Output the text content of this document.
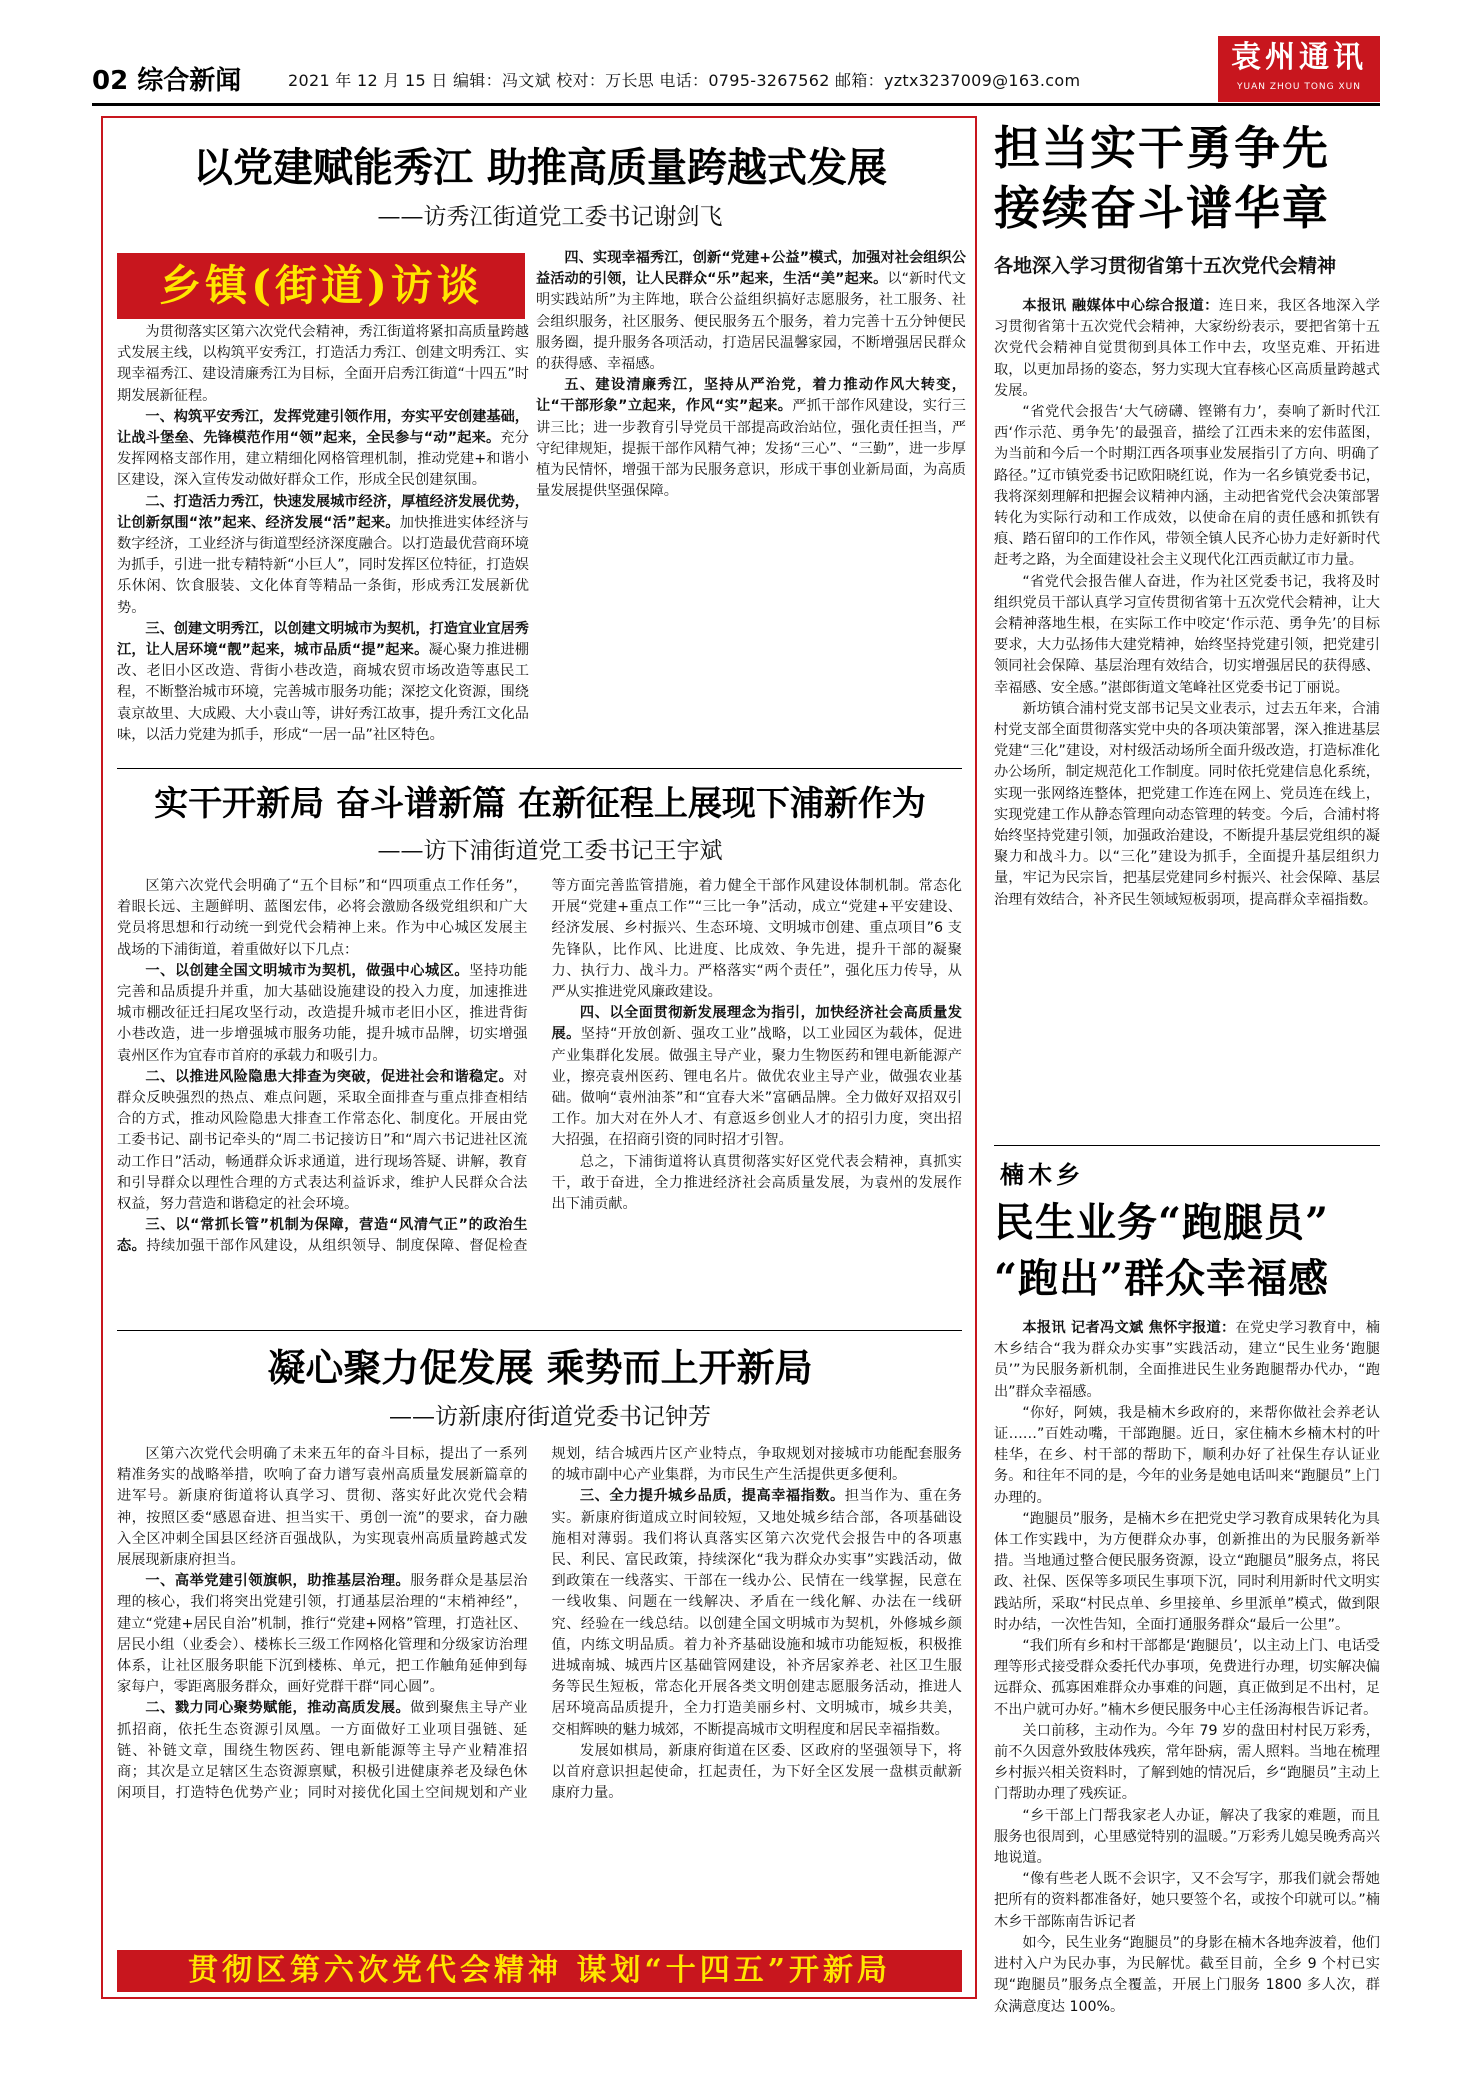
02 综合新闻	2021 年 12 月 15 日 编辑：冯文斌 校对：万长思 电话：0795-3267562 邮箱：yztx3237009@163.com
袁州通讯
YUAN ZHOU TONG XUN
以党建赋能秀江 助推高质量跨越式发展
——访秀江街道党工委书记谢剑飞
乡镇(街道)访谈

为贯彻落实区第六次党代会精神，秀江街道将紧扣高质量跨越式发展主线，以构筑平安秀江，打造活力秀江、创建文明秀江、实现幸福秀江、建设清廉秀江为目标，全面开启秀江街道“十四五”时期发展新征程。

一、构筑平安秀江，发挥党建引领作用，夯实平安创建基础，让战斗堡垒、先锋模范作用“领”起来，全民参与“动”起来。充分发挥网格支部作用，建立精细化网格管理机制，推动党建+和谐小区建设，深入宣传发动做好群众工作，形成全民创建氛围。

二、打造活力秀江，快速发展城市经济，厚植经济发展优势，让创新氛围“浓”起来、经济发展“活”起来。加快推进实体经济与数字经济，工业经济与街道型经济深度融合。以打造最优营商环境为抓手，引进一批专精特新“小巨人”，同时发挥区位特征，打造娱乐休闲、饮食服装、文化体育等精品一条街，形成秀江发展新优势。

三、创建文明秀江，以创建文明城市为契机，打造宜业宜居秀江，让人居环境“靓”起来，城市品质“提”起来。凝心聚力推进棚改、老旧小区改造、背街小巷改造，商城农贸市场改造等惠民工程，不断整治城市环境，完善城市服务功能；深挖文化资源，围绕袁京故里、大成殿、大小袁山等，讲好秀江故事，提升秀江文化品味，以活力党建为抓手，形成“一居一品”社区特色。

四、实现幸福秀江，创新“党建+公益”模式，加强对社会组织公益活动的引领，让人民群众“乐”起来，生活“美”起来。以“新时代文明实践站所”为主阵地，联合公益组织搞好志愿服务，社工服务、社会组织服务，社区服务、便民服务五个服务，着力完善十五分钟便民服务圈，提升服务各项活动，打造居民温馨家园，不断增强居民群众的获得感、幸福感。

五、建设清廉秀江，坚持从严治党，着力推动作风大转变，让“干部形象”立起来，作风“实”起来。严抓干部作风建设，实行三讲三比；进一步教育引导党员干部提高政治站位，强化责任担当，严守纪律规矩，提振干部作风精气神；发扬“三心”、“三勤”，进一步厚植为民情怀，增强干部为民服务意识，形成干事创业新局面，为高质量发展提供坚强保障。

实干开新局 奋斗谱新篇 在新征程上展现下浦新作为
——访下浦街道党工委书记王宇斌

区第六次党代会明确了“五个目标”和“四项重点工作任务”，着眼长远、主题鲜明、蓝图宏伟，必将会激励各级党组织和广大党员将思想和行动统一到党代会精神上来。作为中心城区发展主战场的下浦街道，着重做好以下几点：

一、以创建全国文明城市为契机，做强中心城区。坚持功能完善和品质提升并重，加大基础设施建设的投入力度，加速推进城市棚改征迁扫尾攻坚行动，改造提升城市老旧小区，推进背街小巷改造，进一步增强城市服务功能，提升城市品牌，切实增强袁州区作为宜春市首府的承载力和吸引力。

二、以推进风险隐患大排查为突破，促进社会和谐稳定。对群众反映强烈的热点、难点问题，采取全面排查与重点排查相结合的方式，推动风险隐患大排查工作常态化、制度化。开展由党工委书记、副书记牵头的“周二书记接访日”和“周六书记进社区流动工作日”活动，畅通群众诉求通道，进行现场答疑、讲解，教育和引导群众以理性合理的方式表达利益诉求，维护人民群众合法权益，努力营造和谐稳定的社会环境。

三、以“常抓长管”机制为保障，营造“风清气正”的政治生态。持续加强干部作风建设，从组织领导、制度保障、督促检查等方面完善监管措施，着力健全干部作风建设体制机制。常态化开展“党建+重点工作”“三比一争”活动，成立“党建+平安建设、经济发展、乡村振兴、生态环境、文明城市创建、重点项目”6 支先锋队，比作风、比进度、比成效、争先进，提升干部的凝聚力、执行力、战斗力。严格落实“两个责任”，强化压力传导，从严从实推进党风廉政建设。

四、以全面贯彻新发展理念为指引，加快经济社会高质量发展。坚持“开放创新、强攻工业”战略，以工业园区为载体，促进产业集群化发展。做强主导产业，聚力生物医药和锂电新能源产业，擦亮袁州医药、锂电名片。做优农业主导产业，做强农业基础。做响“袁州油茶”和“宜春大米”富硒品牌。全力做好双招双引工作。加大对在外人才、有意返乡创业人才的招引力度，突出招大招强，在招商引资的同时招才引智。

总之，下浦街道将认真贯彻落实好区党代表会精神，真抓实干，敢于奋进，全力推进经济社会高质量发展，为袁州的发展作出下浦贡献。

凝心聚力促发展 乘势而上开新局
——访新康府街道党委书记钟芳

区第六次党代会明确了未来五年的奋斗目标，提出了一系列精准务实的战略举措，吹响了奋力谱写袁州高质量发展新篇章的进军号。新康府街道将认真学习、贯彻、落实好此次党代会精神，按照区委“感恩奋进、担当实干、勇创一流”的要求，奋力融入全区冲刺全国县区经济百强战队，为实现袁州高质量跨越式发展展现新康府担当。

一、高举党建引领旗帜，助推基层治理。服务群众是基层治理的核心，我们将突出党建引领，打通基层治理的“末梢神经”，建立“党建+居民自治”机制，推行“党建+网格”管理，打造社区、居民小组（业委会）、楼栋长三级工作网格化管理和分级家访治理体系，让社区服务职能下沉到楼栋、单元，把工作触角延伸到每家每户，零距离服务群众，画好党群干群“同心圆”。

二、戮力同心聚势赋能，推动高质发展。做到聚焦主导产业抓招商，依托生态资源引凤凰。一方面做好工业项目强链、延链、补链文章，围绕生物医药、锂电新能源等主导产业精准招商；其次是立足辖区生态资源禀赋，积极引进健康养老及绿色休闲项目，打造特色优势产业；同时对接优化国土空间规划和产业规划，结合城西片区产业特点，争取规划对接城市功能配套服务的城市副中心产业集群，为市民生产生活提供更多便利。

三、全力提升城乡品质，提高幸福指数。担当作为、重在务实。新康府街道成立时间较短，又地处城乡结合部，各项基础设施相对薄弱。我们将认真落实区第六次党代会报告中的各项惠民、利民、富民政策，持续深化“我为群众办实事”实践活动，做到政策在一线落实、干部在一线办公、民情在一线掌握，民意在一线收集、问题在一线解决、矛盾在一线化解、办法在一线研究、经验在一线总结。以创建全国文明城市为契机，外修城乡颜值，内练文明品质。着力补齐基础设施和城市功能短板，积极推进城南城、城西片区基础管网建设，补齐居家养老、社区卫生服务等民生短板，常态化开展各类文明创建志愿服务活动，推进人居环境高品质提升，全力打造美丽乡村、文明城市，城乡共美，交相辉映的魅力城郊，不断提高城市文明程度和居民幸福指数。

发展如棋局，新康府街道在区委、区政府的坚强领导下，将以首府意识担起使命，扛起责任，为下好全区发展一盘棋贡献新康府力量。

贯彻区第六次党代会精神 谋划“十四五”开新局
担当实干勇争先
接续奋斗谱华章
各地深入学习贯彻省第十五次党代会精神

本报讯 融媒体中心综合报道：连日来，我区各地深入学习贯彻省第十五次党代会精神，大家纷纷表示，要把省第十五次党代会精神自觉贯彻到具体工作中去，攻坚克难、开拓进取，以更加昂扬的姿态，努力实现大宜春核心区高质量跨越式发展。

“省党代会报告‘大气磅礴、铿锵有力’，奏响了新时代江西‘作示范、勇争先’的最强音，描绘了江西未来的宏伟蓝图，为当前和今后一个时期江西各项事业发展指引了方向、明确了路径。”辽市镇党委书记欧阳晓红说，作为一名乡镇党委书记，我将深刻理解和把握会议精神内涵，主动把省党代会决策部署转化为实际行动和工作成效，以使命在肩的责任感和抓铁有痕、踏石留印的工作作风，带领全镇人民齐心协力走好新时代赶考之路，为全面建设社会主义现代化江西贡献辽市力量。

“省党代会报告催人奋进，作为社区党委书记，我将及时组织党员干部认真学习宣传贯彻省第十五次党代会精神，让大会精神落地生根，在实际工作中咬定‘作示范、勇争先’的目标要求，大力弘扬伟大建党精神，始终坚持党建引领，把党建引领同社会保障、基层治理有效结合，切实增强居民的获得感、幸福感、安全感。”湛郎街道文笔峰社区党委书记丁丽说。

新坊镇合浦村党支部书记吴文业表示，过去五年来，合浦村党支部全面贯彻落实党中央的各项决策部署，深入推进基层党建“三化”建设，对村级活动场所全面升级改造，打造标准化办公场所，制定规范化工作制度。同时依托党建信息化系统，实现一张网络连整体，把党建工作连在网上、党员连在线上，实现党建工作从静态管理向动态管理的转变。今后，合浦村将始终坚持党建引领，加强政治建设，不断提升基层党组织的凝聚力和战斗力。以“三化”建设为抓手，全面提升基层组织力量，牢记为民宗旨，把基层党建同乡村振兴、社会保障、基层治理有效结合，补齐民生领域短板弱项，提高群众幸福指数。

楠木乡
民生业务“跑腿员”
“跑出”群众幸福感

本报讯 记者冯文斌 焦怀宇报道：在党史学习教育中，楠木乡结合“我为群众办实事”实践活动，建立“民生业务‘跑腿员’”为民服务新机制，全面推进民生业务跑腿帮办代办，“跑出”群众幸福感。

“你好，阿姨，我是楠木乡政府的，来帮你做社会养老认证……”百姓动嘴，干部跑腿。近日，家住楠木乡楠木村的叶桂华，在乡、村干部的帮助下，顺利办好了社保生存认证业务。和往年不同的是，今年的业务是她电话叫来“跑腿员”上门办理的。

“跑腿员”服务，是楠木乡在把党史学习教育成果转化为具体工作实践中，为方便群众办事，创新推出的为民服务新举措。当地通过整合便民服务资源，设立“跑腿员”服务点，将民政、社保、医保等多项民生事项下沉，同时利用新时代文明实践站所，采取“村民点单、乡里接单、乡里派单”模式，做到限时办结，一次性告知，全面打通服务群众“最后一公里”。

“我们所有乡和村干部都是‘跑腿员’，以主动上门、电话受理等形式接受群众委托代办事项，免费进行办理，切实解决偏远群众、孤寡困难群众办事难的问题，真正做到足不出村，足不出户就可办好。”楠木乡便民服务中心主任汤海根告诉记者。

关口前移，主动作为。今年 79 岁的盘田村村民万彩秀，前不久因意外致肢体残疾，常年卧病，需人照料。当地在梳理乡村振兴相关资料时，了解到她的情况后，乡“跑腿员”主动上门帮助办理了残疾证。

“乡干部上门帮我家老人办证，解决了我家的难题，而且服务也很周到，心里感觉特别的温暖。”万彩秀儿媳吴晚秀高兴地说道。

“像有些老人既不会识字，又不会写字，那我们就会帮她把所有的资料都准备好，她只要签个名，或按个印就可以。”楠木乡干部陈南告诉记者

如今，民生业务“跑腿员”的身影在楠木各地奔波着，他们进村入户为民办事，为民解忧。截至目前，全乡 9 个村已实现“跑腿员”服务点全覆盖，开展上门服务 1800 多人次，群众满意度达 100%。
